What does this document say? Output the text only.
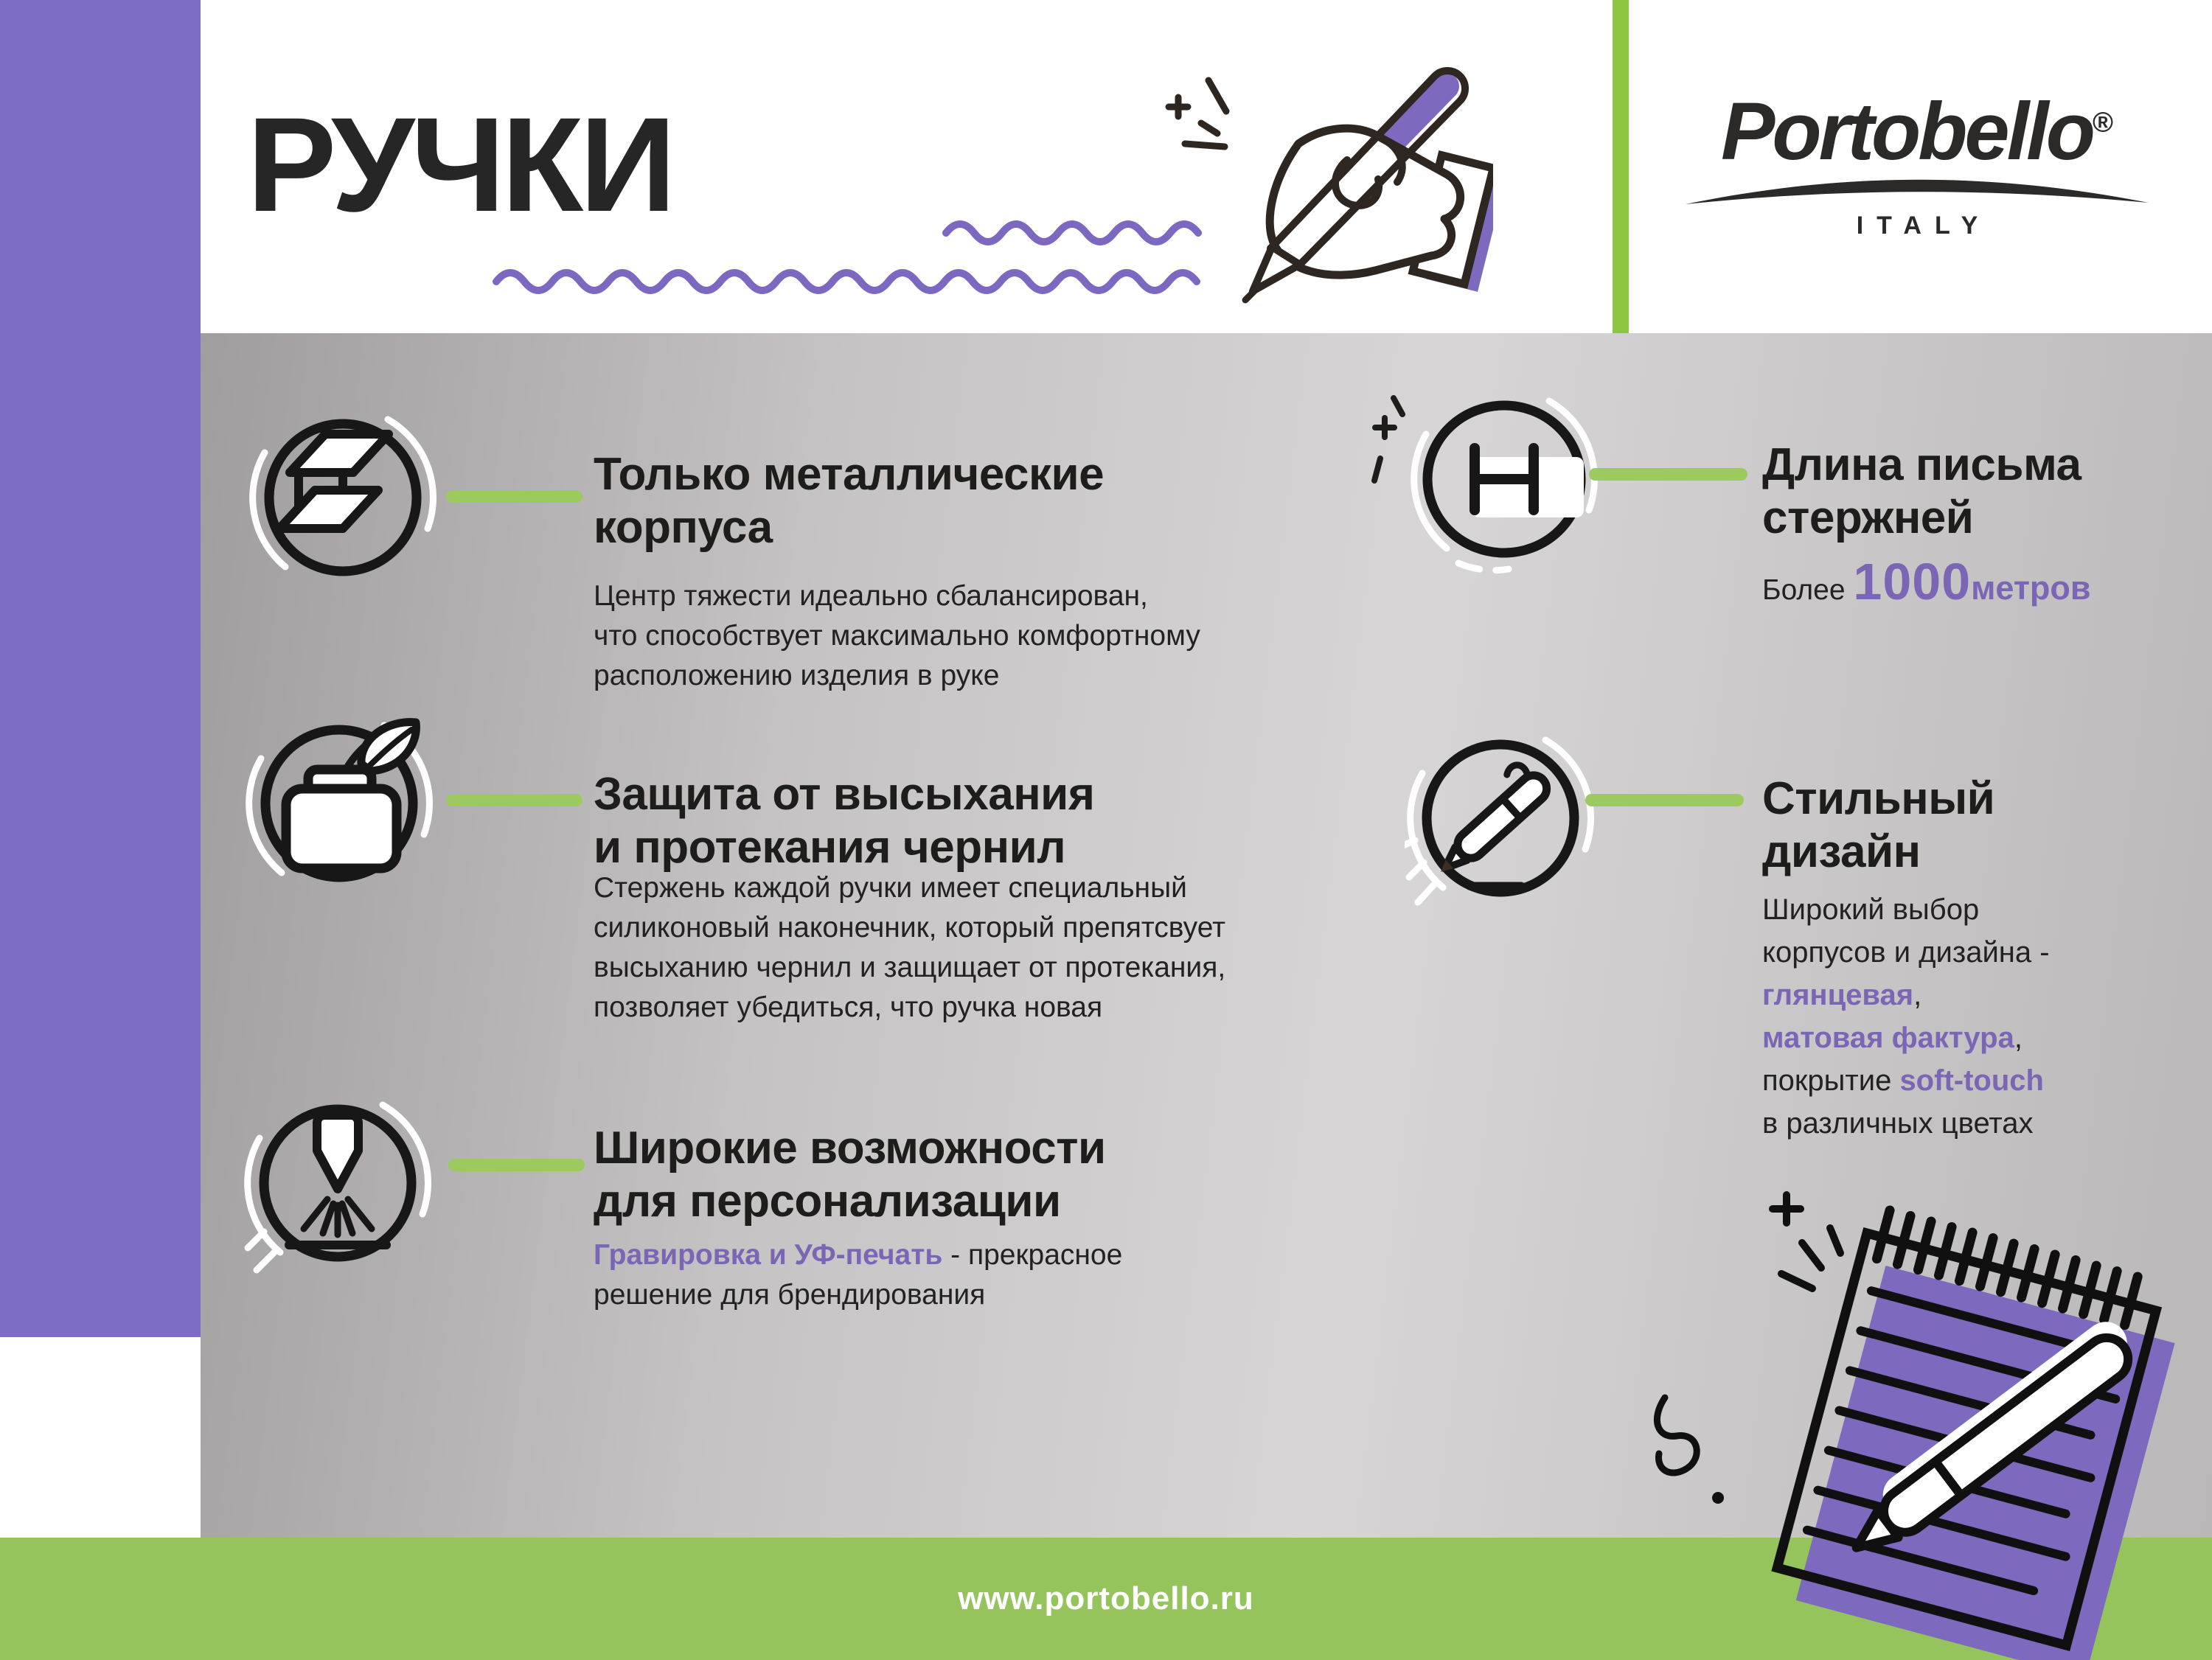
www.portobello.ru
РУЧКИ	Portobello®
ITALY
Только металлические
корпуса
Центр тяжести идеально сбалансирован,
что способствует максимально комфортному
расположению изделия в руке
Защита от высыхания
и протекания чернил
Стержень каждой ручки имеет специальный
силиконовый наконечник, который препятсвует
высыханию чернил и защищает от протекания,
позволяет убедиться, что ручка новая
Широкие возможности
для персонализации
Гравировка и УФ-печать - прекрасное
решение для брендирования
Длина письма
стержней
Более 1000метров
Стильный
дизайн
Широкий выбор
корпусов и дизайна -
глянцевая,
матовая фактура,
покрытие soft-touch
в различных цветах
